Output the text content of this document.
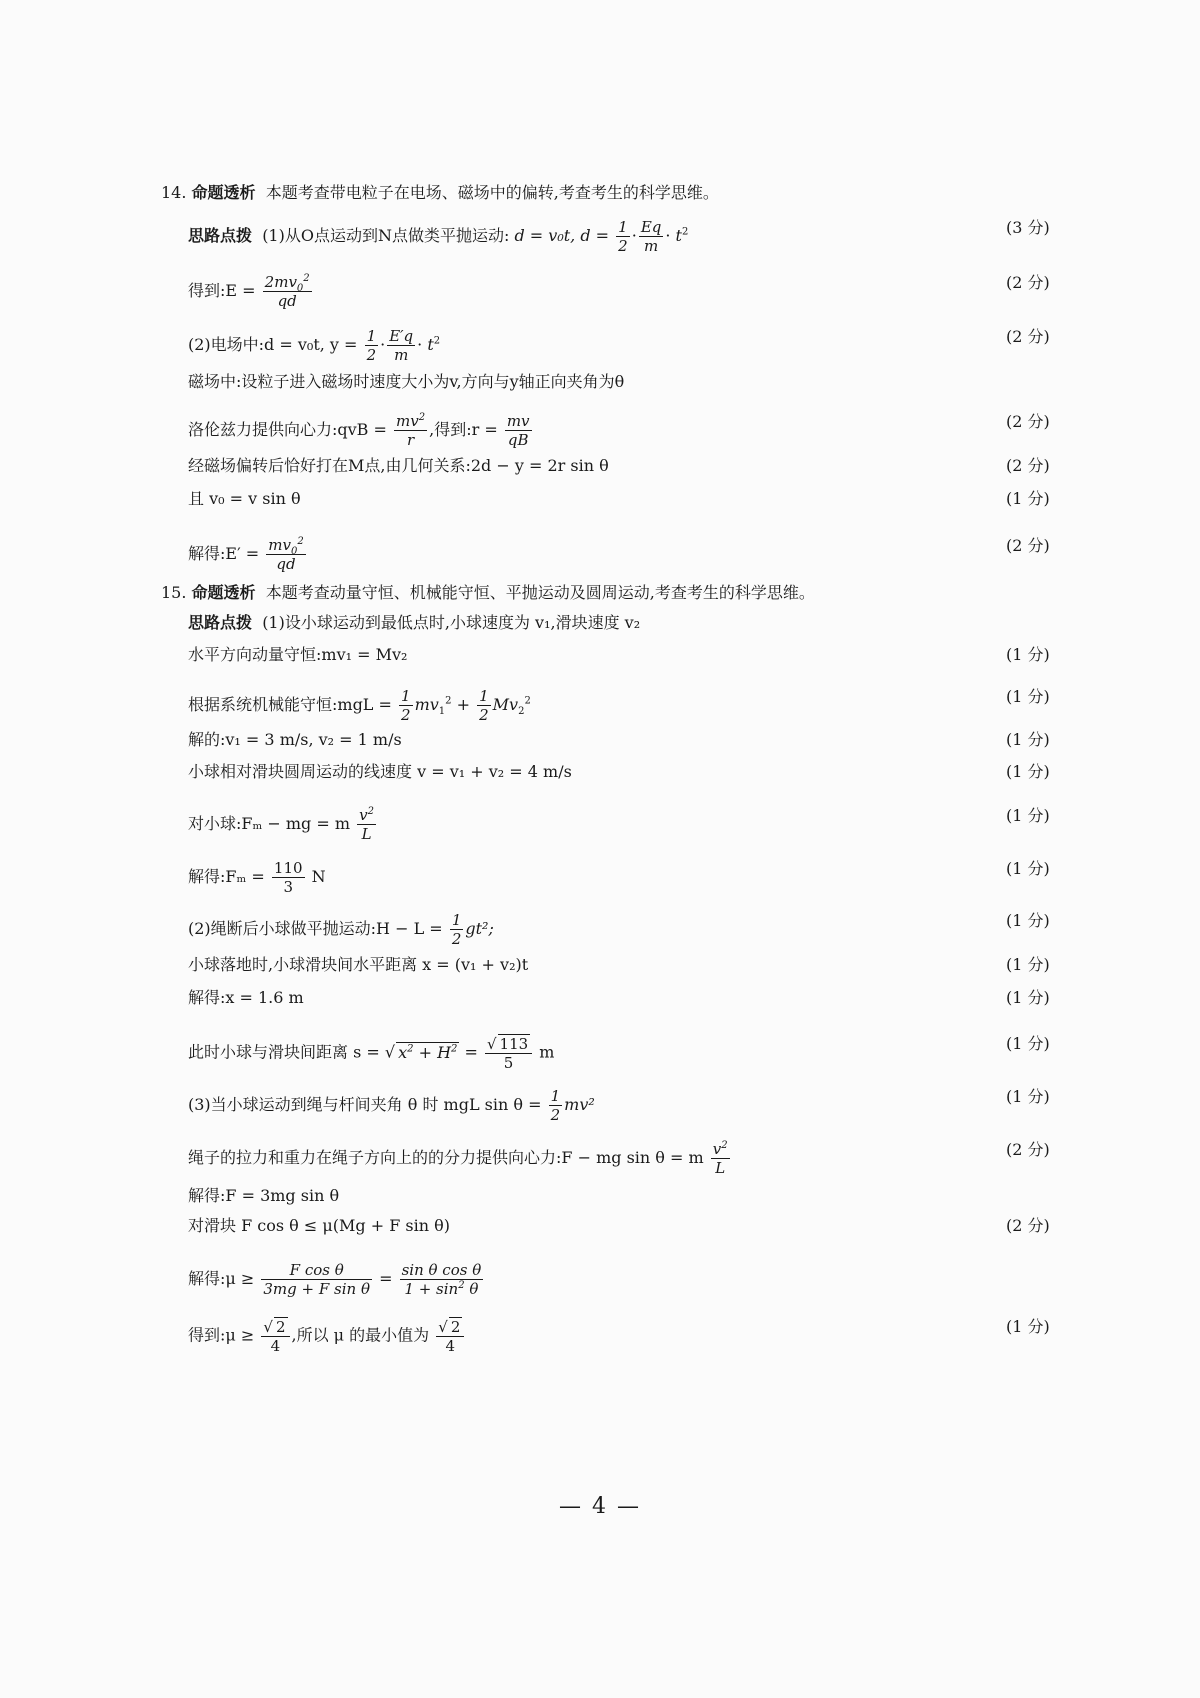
14. 命题透析 本题考查带电粒子在电场、磁场中的偏转,考查考生的科学思维。
思路点拨 (1)从O点运动到N点做类平抛运动: d = v₀t, $d = \frac{1}{2} \cdot \frac{Eq}{m} \cdot t^2$	(3 分)
得到:E = $\frac{2mv_0^2}{qd}$	(2 分)
(2)电场中:d = v₀t, $y = \frac{1}{2} \cdot \frac{E'q}{m} \cdot t^2$	(2 分)
磁场中:设粒子进入磁场时速度大小为v,方向与y轴正向夹角为θ
洛伦兹力提供向心力:qvB = $\frac{mv^2}{r}$ ,得到:r = $\frac{mv}{qB}$	(2 分)
经磁场偏转后恰好打在M点,由几何关系:2d − y = 2r sin θ	(2 分)
且 v₀ = v sin θ	(1 分)
解得:E′ = $\frac{mv_0^2}{qd}$	(2 分)
15. 命题透析 本题考查动量守恒、机械能守恒、平抛运动及圆周运动,考查考生的科学思维。
思路点拨 (1)设小球运动到最低点时,小球速度为 v₁,滑块速度 v₂
水平方向动量守恒:mv₁ = Mv₂	(1 分)
根据系统机械能守恒:mgL = $\frac{1}{2} mv_1^2 + \frac{1}{2} Mv_2^2$	(1 分)
解的:v₁ = 3 m/s, v₂ = 1 m/s	(1 分)
小球相对滑块圆周运动的线速度 v = v₁ + v₂ = 4 m/s	(1 分)
对小球:Fₘ − mg = m $\frac{v^2}{L}$	(1 分)
解得:Fₘ = $\frac{110}{3}$ N	(1 分)
(2)绳断后小球做平抛运动:H − $L = \frac{1}{2} gt^2$;	(1 分)
小球落地时,小球滑块间水平距离 x = (v₁ + v₂)t	(1 分)
解得:x = 1.6 m	(1 分)
此时小球与滑块间距离 s = √ $x^2 + H^2 = \frac{√ 113}{5}$ m	(1 分)
(3)当小球运动到绳与杆间夹角 θ 时 mgL $\sin \theta = \frac{1}{2} mv^2$	(1 分)
绳子的拉力和重力在绳子方向上的的分力提供向心力:F − mg sin θ = m $\frac{v^2}{L}$	(2 分)
解得:F = 3mg sin θ
对滑块 F cos θ ≤ μ(Mg + F sin θ)	(2 分)
解得:μ ≥ $\frac{\text{F cos θ}}{\text{3mg + F sin θ}} = \frac{\text{sin θ cos θ}}{1 + \sin^2 \theta}$
得到:μ ≥ $\frac{√ 2}{4}$ ,所以 μ 的最小值为 $\frac{√ 2}{4}$	(1 分)
— 4 —
